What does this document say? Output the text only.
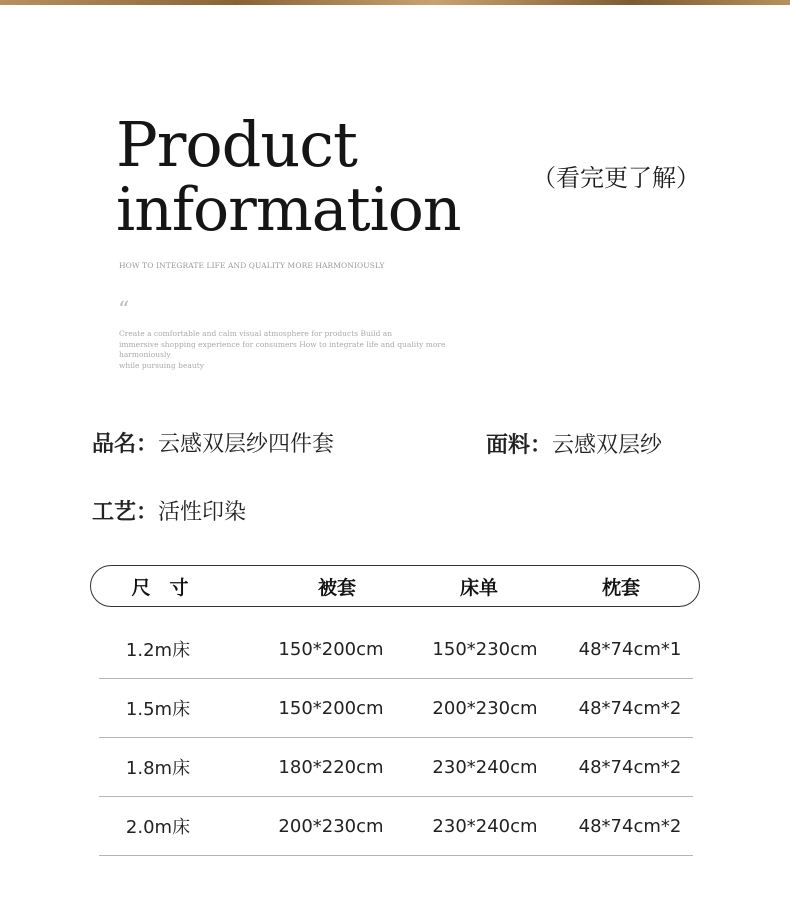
Product
information	（看完更了解）
HOW TO INTEGRATE LIFE AND QUALITY MORE HARMONIOUSLY
“
Create a comfortable and calm visual atmosphere for products Build an
immersive shopping experience for consumers How to integrate life and quality more harmoniously
while pursuing beauty
品名：云感双层纱四件套	面料：云感双层纱
工艺：活性印染
尺　寸	被套	床单	枕套
1.2m床	150*200cm	150*230cm	48*74cm*1
1.5m床	150*200cm	200*230cm	48*74cm*2
1.8m床	180*220cm	230*240cm	48*74cm*2
2.0m床	200*230cm	230*240cm	48*74cm*2
